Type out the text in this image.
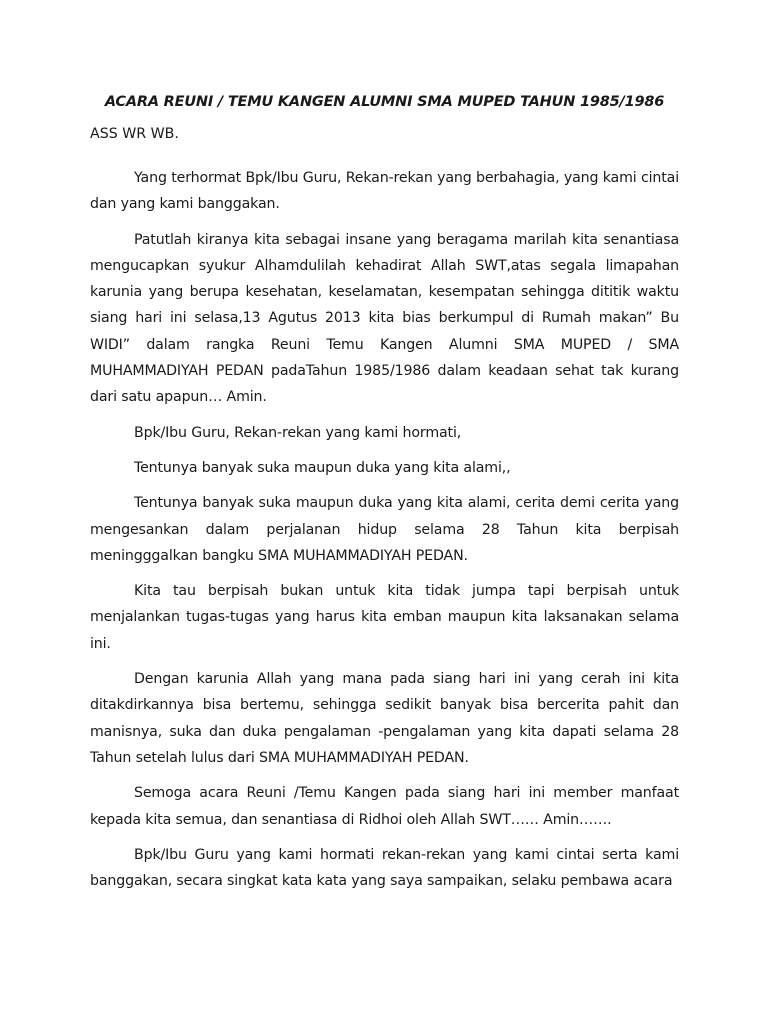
ACARA REUNI / TEMU KANGEN ALUMNI SMA MUPED TAHUN 1985/1986
ASS WR WB.

Yang terhormat Bpk/Ibu Guru, Rekan-rekan yang berbahagia, yang kami cintai dan yang kami banggakan.

Patutlah kiranya kita sebagai insane yang beragama marilah kita senantiasa mengucapkan syukur Alhamdulilah kehadirat Allah SWT,atas segala limapahan karunia yang berupa kesehatan, keselamatan, kesempatan sehingga dititik waktu siang hari ini selasa,13 Agutus 2013 kita bias berkumpul di Rumah makan” Bu WIDI” dalam rangka Reuni Temu Kangen Alumni SMA MUPED / SMA MUHAMMADIYAH PEDAN padaTahun 1985/1986 dalam keadaan sehat tak kurang dari satu apapun… Amin.

Bpk/Ibu Guru, Rekan-rekan yang kami hormati,

Tentunya banyak suka maupun duka yang kita alami,,

Tentunya banyak suka maupun duka yang kita alami, cerita demi cerita yang mengesankan dalam perjalanan hidup selama 28 Tahun kita berpisah meningggalkan bangku SMA MUHAMMADIYAH PEDAN.

Kita tau berpisah bukan untuk kita tidak jumpa tapi berpisah untuk menjalankan tugas-tugas yang harus kita emban maupun kita laksanakan selama ini.

Dengan karunia Allah yang mana pada siang hari ini yang cerah ini kita ditakdirkannya bisa bertemu, sehingga sedikit banyak bisa bercerita pahit dan manisnya, suka dan duka pengalaman -pengalaman yang kita dapati selama 28 Tahun setelah lulus dari SMA MUHAMMADIYAH PEDAN.

Semoga acara Reuni /Temu Kangen pada siang hari ini member manfaat kepada kita semua, dan senantiasa di Ridhoi oleh Allah SWT…… Amin…….

Bpk/Ibu Guru yang kami hormati rekan-rekan yang kami cintai serta kami banggakan, secara singkat kata kata yang saya sampaikan, selaku pembawa acara
